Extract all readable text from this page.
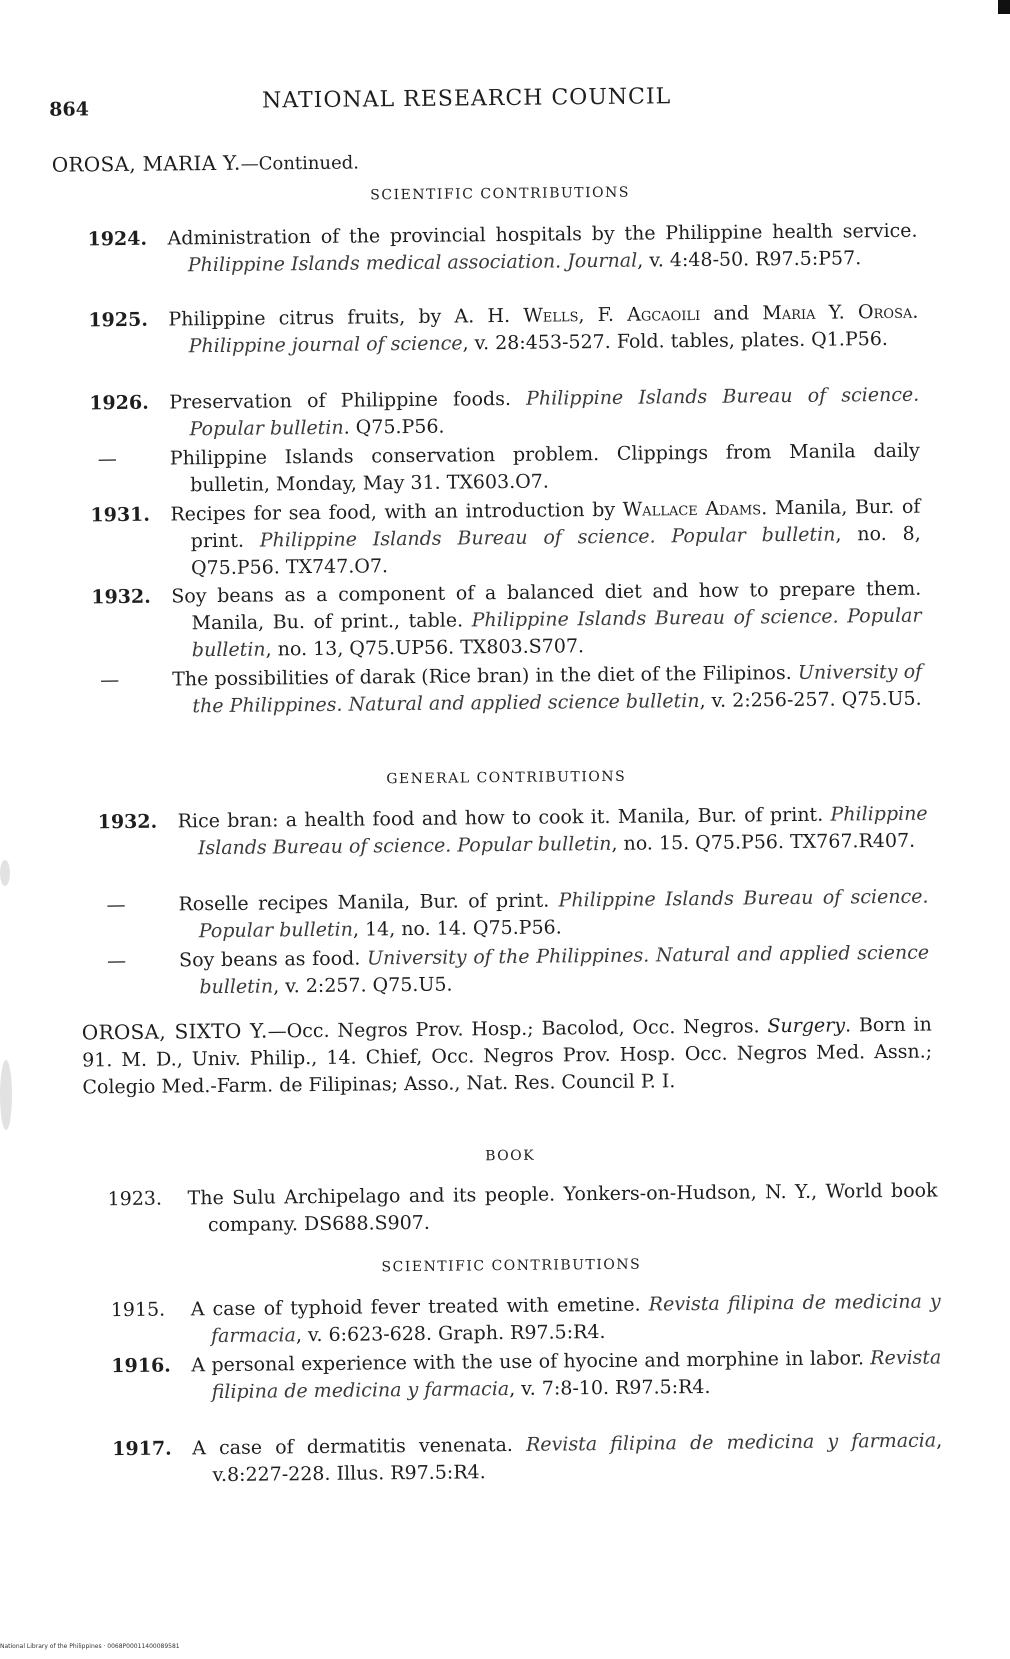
864	NATIONAL RESEARCH COUNCIL
OROSA, MARIA Y.—Continued.
SCIENTIFIC CONTRIBUTIONS
1924. Administration of the provincial hospitals by the Philippine health service. Philippine Islands medical association. Journal, v. 4:48-50. R97.5:P57.
1925. Philippine citrus fruits, by A. H. Wells, F. Agcaoili and Maria Y. Orosa. Philippine journal of science, v. 28:453-527. Fold. tables, plates. Q1.P56.
1926. Preservation of Philippine foods. Philippine Islands Bureau of science. Popular bulletin. Q75.P56.
—	Philippine Islands conservation problem. Clippings from Manila daily bulletin, Monday, May 31. TX603.O7.
1931. Recipes for sea food, with an introduction by Wallace Adams. Manila, Bur. of print. Philippine Islands Bureau of science. Popular bulletin, no. 8, Q75.P56. TX747.O7.
1932. Soy beans as a component of a balanced diet and how to prepare them. Manila, Bu. of print., table. Philippine Islands Bureau of science. Popular bulletin, no. 13, Q75.UP56. TX803.S707.
—	The possibilities of darak (Rice bran) in the diet of the Filipinos. University of the Philippines. Natural and applied science bulletin, v. 2:256-257. Q75.U5.
GENERAL CONTRIBUTIONS
1932. Rice bran: a health food and how to cook it. Manila, Bur. of print. Philippine Islands Bureau of science. Popular bulletin, no. 15. Q75.P56. TX767.R407.
—	Roselle recipes Manila, Bur. of print. Philippine Islands Bureau of science. Popular bulletin, 14, no. 14. Q75.P56.
—	Soy beans as food. University of the Philippines. Natural and applied science bulletin, v. 2:257. Q75.U5.
OROSA, SIXTO Y.—Occ. Negros Prov. Hosp.; Bacolod, Occ. Negros. Surgery. Born in 91. M. D., Univ. Philip., 14. Chief, Occ. Negros Prov. Hosp. Occ. Negros Med. Assn.; Colegio Med.-Farm. de Filipinas; Asso., Nat. Res. Council P. I.
BOOK
1923. The Sulu Archipelago and its people. Yonkers-on-Hudson, N. Y., World book company. DS688.S907.
SCIENTIFIC CONTRIBUTIONS
1915. A case of typhoid fever treated with emetine. Revista filipina de medicina y farmacia, v. 6:623-628. Graph. R97.5:R4.
1916. A personal experience with the use of hyocine and morphine in labor. Revista filipina de medicina y farmacia, v. 7:8-10. R97.5:R4.
1917. A case of dermatitis venenata. Revista filipina de medicina y farmacia, v.8:227-228. Illus. R97.5:R4.
National Library of the Philippines · 0068P00011400089581
